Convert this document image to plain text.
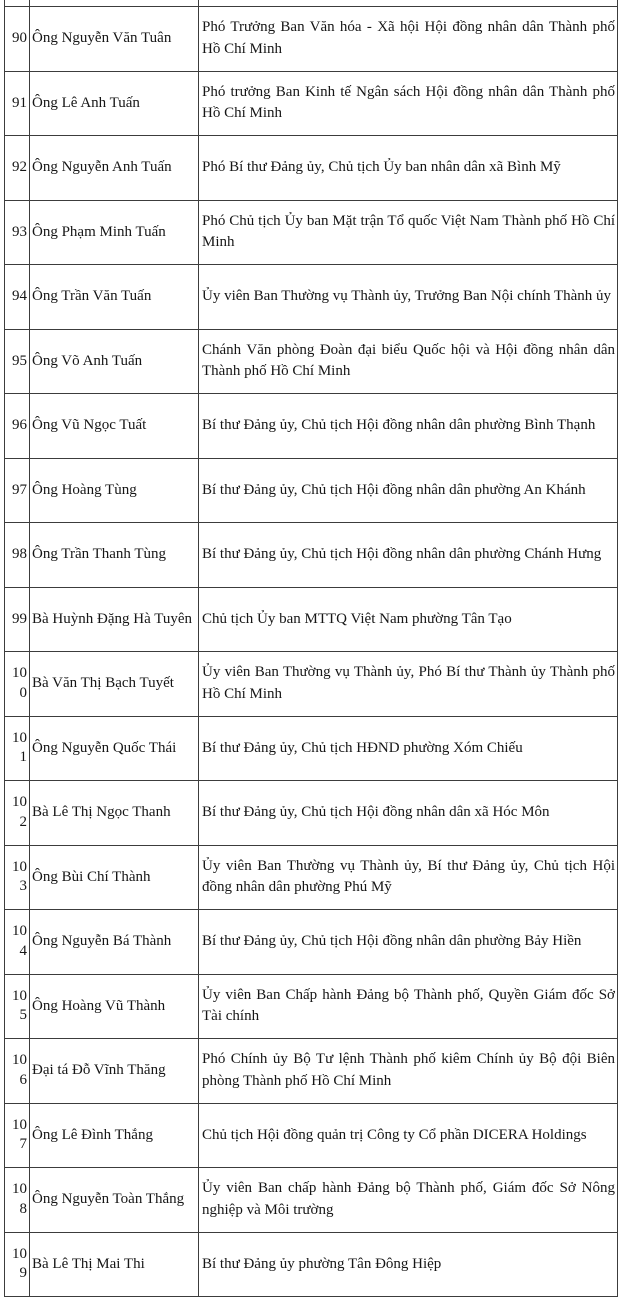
90	Ông Nguyễn Văn Tuân	Phó Trưởng Ban Văn hóa - Xã hội Hội đồng nhân dân Thành phố Hồ Chí Minh
91	Ông Lê Anh Tuấn	Phó trưởng Ban Kinh tế Ngân sách Hội đồng nhân dân Thành phố Hồ Chí Minh
92	Ông Nguyễn Anh Tuấn	Phó Bí thư Đảng ủy, Chủ tịch Ủy ban nhân dân xã Bình Mỹ
93	Ông Phạm Minh Tuấn	Phó Chủ tịch Ủy ban Mặt trận Tổ quốc Việt Nam Thành phố Hồ Chí Minh
94	Ông Trần Văn Tuấn	Ủy viên Ban Thường vụ Thành ủy, Trưởng Ban Nội chính Thành ủy
95	Ông Võ Anh Tuấn	Chánh Văn phòng Đoàn đại biểu Quốc hội và Hội đồng nhân dân Thành phố Hồ Chí Minh
96	Ông Vũ Ngọc Tuất	Bí thư Đảng ủy, Chủ tịch Hội đồng nhân dân phường Bình Thạnh
97	Ông Hoàng Tùng	Bí thư Đảng ủy, Chủ tịch Hội đồng nhân dân phường An Khánh
98	Ông Trần Thanh Tùng	Bí thư Đảng ủy, Chủ tịch Hội đồng nhân dân phường Chánh Hưng
99	Bà Huỳnh Đặng Hà Tuyên	Chủ tịch Ủy ban MTTQ Việt Nam phường Tân Tạo
100	Bà Văn Thị Bạch Tuyết	Ủy viên Ban Thường vụ Thành ủy, Phó Bí thư Thành ủy Thành phố Hồ Chí Minh
101	Ông Nguyễn Quốc Thái	Bí thư Đảng ủy, Chủ tịch HĐND phường Xóm Chiếu
102	Bà Lê Thị Ngọc Thanh	Bí thư Đảng ủy, Chủ tịch Hội đồng nhân dân xã Hóc Môn
103	Ông Bùi Chí Thành	Ủy viên Ban Thường vụ Thành ủy, Bí thư Đảng ủy, Chủ tịch Hội đồng nhân dân phường Phú Mỹ
104	Ông Nguyễn Bá Thành	Bí thư Đảng ủy, Chủ tịch Hội đồng nhân dân phường Bảy Hiền
105	Ông Hoàng Vũ Thành	Ủy viên Ban Chấp hành Đảng bộ Thành phố, Quyền Giám đốc Sở Tài chính
106	Đại tá Đỗ Vĩnh Thăng	Phó Chính ủy Bộ Tư lệnh Thành phố kiêm Chính ủy Bộ đội Biên phòng Thành phố Hồ Chí Minh
107	Ông Lê Đình Thắng	Chủ tịch Hội đồng quản trị Công ty Cổ phần DICERA Holdings
108	Ông Nguyễn Toàn Thắng	Ủy viên Ban chấp hành Đảng bộ Thành phố, Giám đốc Sở Nông nghiệp và Môi trường
109	Bà Lê Thị Mai Thi	Bí thư Đảng ủy phường Tân Đông Hiệp
